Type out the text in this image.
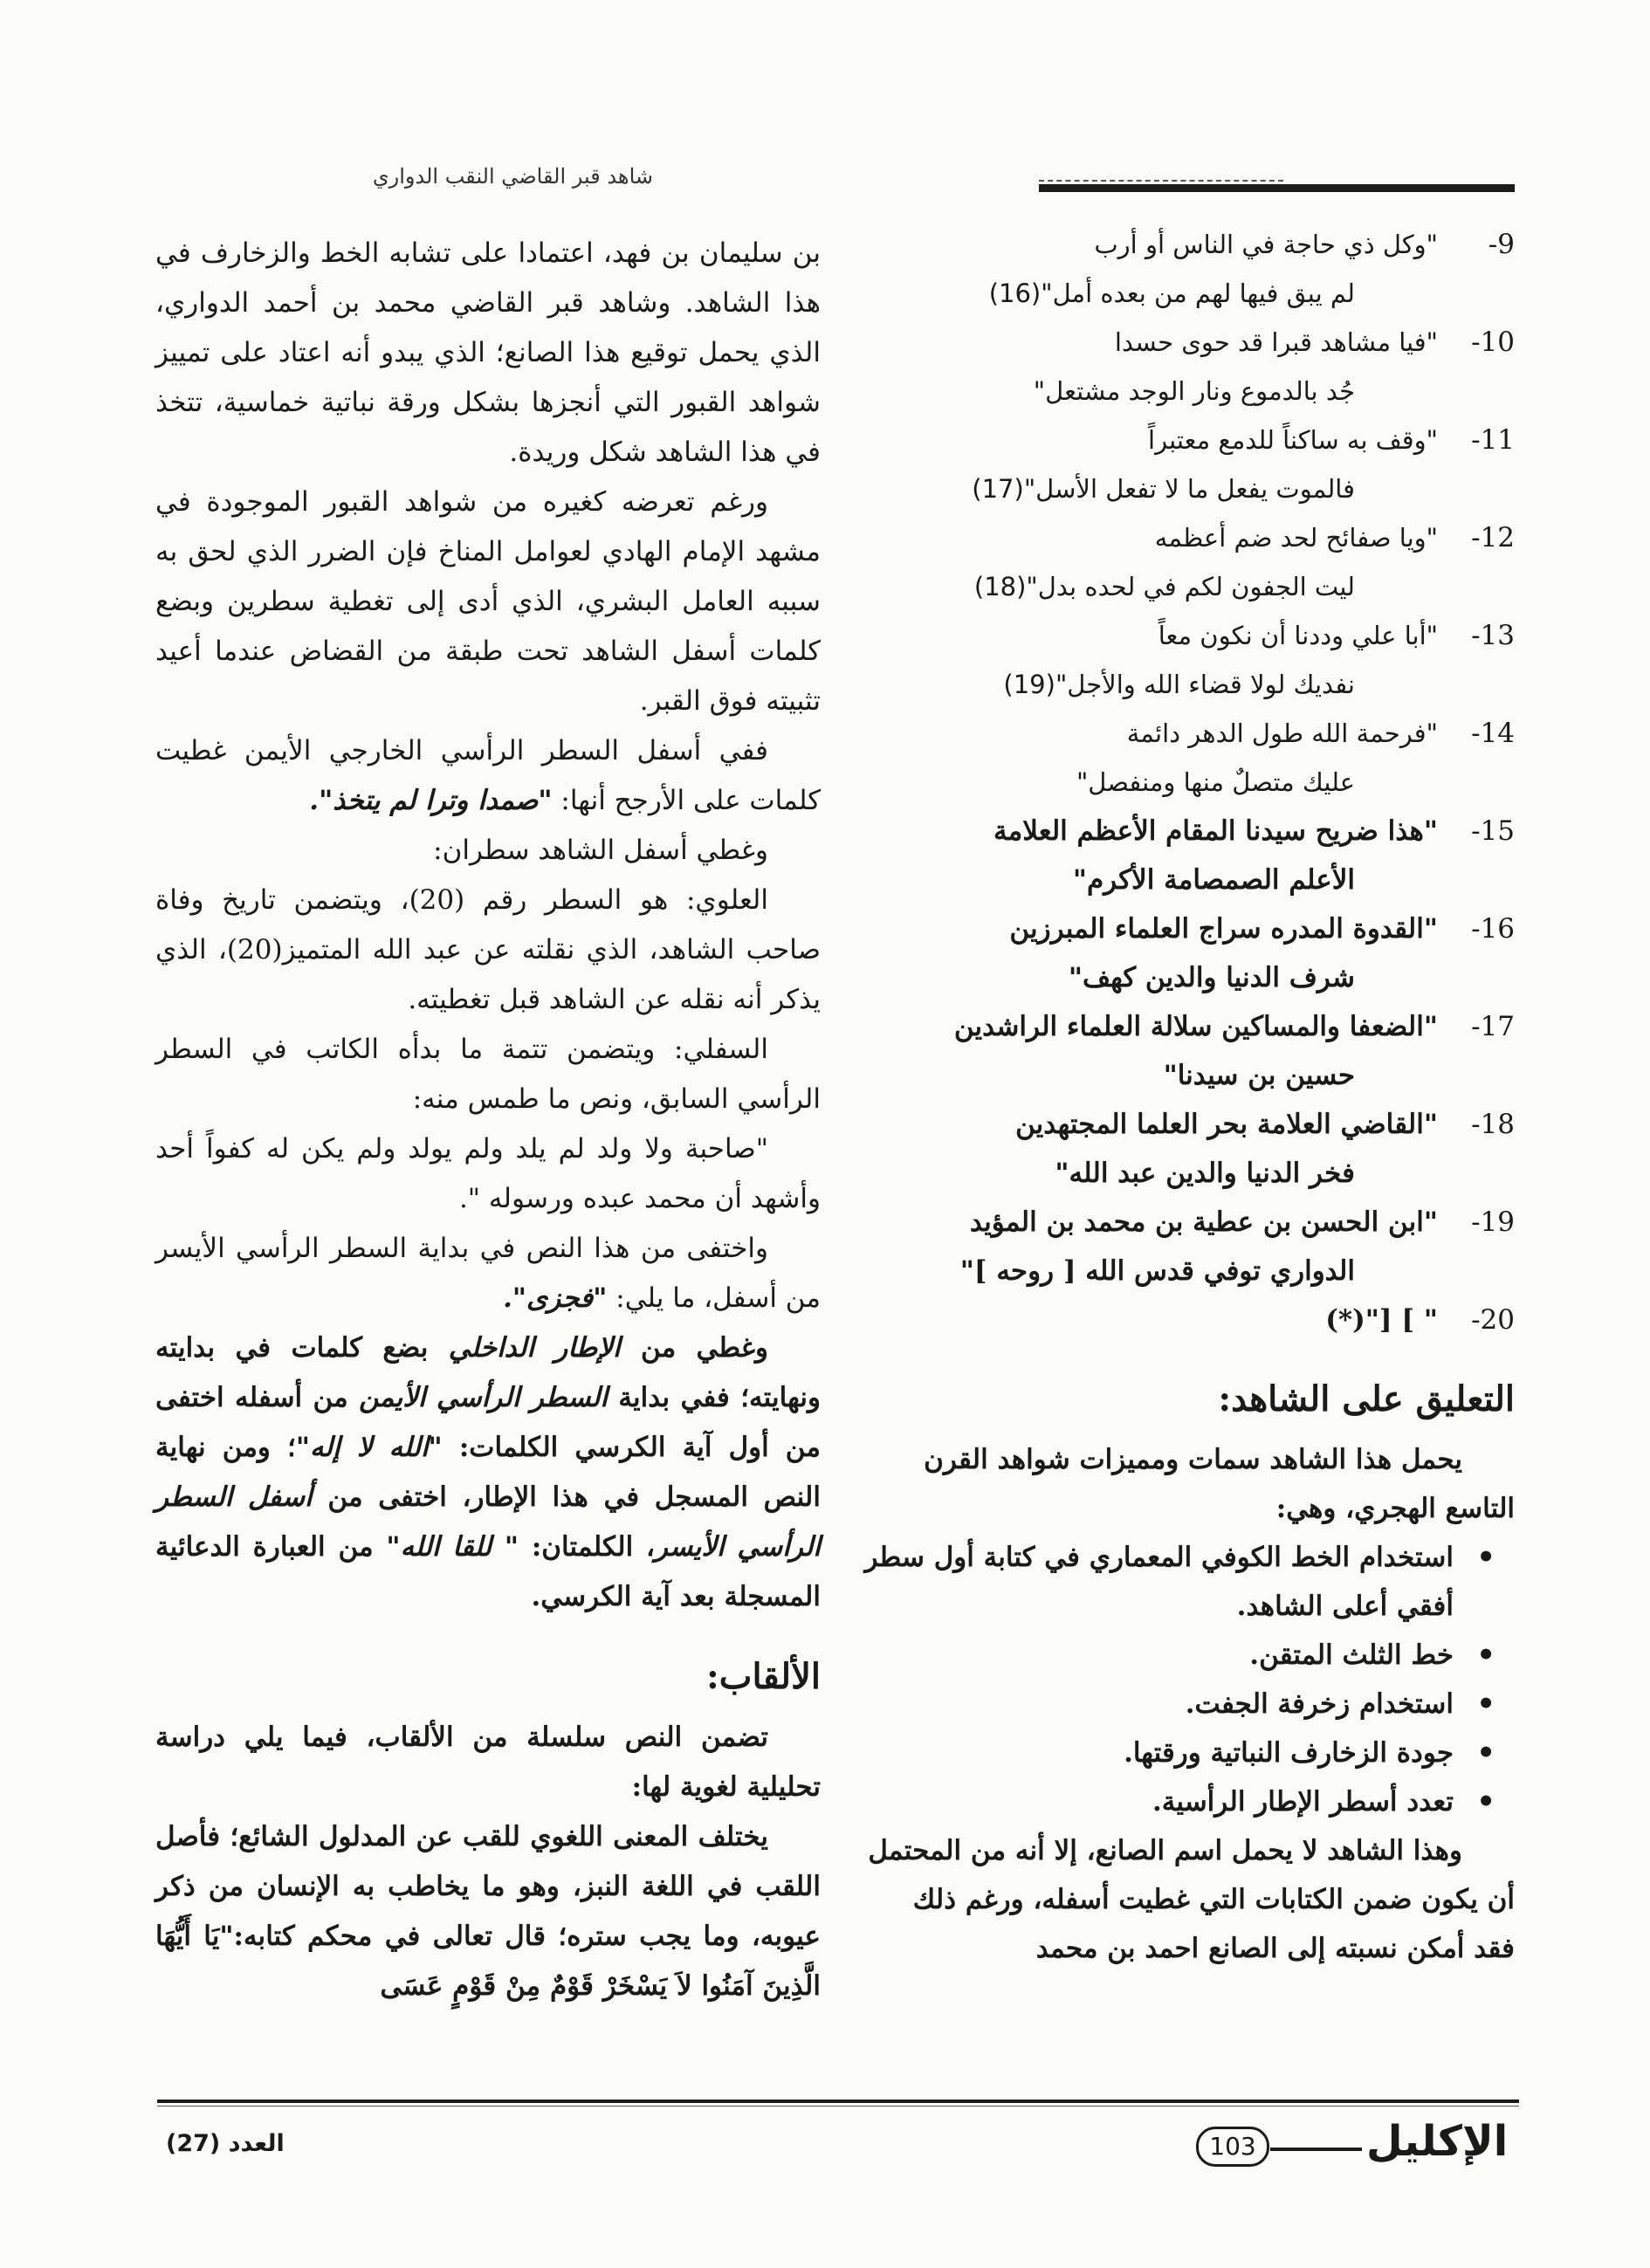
شاهد قبر القاضي النقب الدواري
9-
"وكل ذي حاجة في الناس أو أرب
لم يبق فيها لهم من بعده أمل"(16)
10-
"فيا مشاهد قبرا قد حوى حسدا
جُد بالدموع ونار الوجد مشتعل"
11-
"وقف به ساكناً للدمع معتبراً
فالموت يفعل ما لا تفعل الأسل"(17)
12-
"ويا صفائح لحد ضم أعظمه
ليت الجفون لكم في لحده بدل"(18)
13-
"أبا علي وددنا أن نكون معاً
نفديك لولا قضاء الله والأجل"(19)
14-
"فرحمة الله طول الدهر دائمة
عليك متصلٌ منها ومنفصل"
15-
"هذا ضريح سيدنا المقام الأعظم العلامة
الأعلم الصمصامة الأكرم"
16-
"القدوة المدره سراج العلماء المبرزين
شرف الدنيا والدين كهف"
17-
"الضعفا والمساكين سلالة العلماء الراشدين
حسين بن سيدنا"
18-
"القاضي العلامة بحر العلما المجتهدين
فخر الدنيا والدين عبد الله"
19-
"ابن الحسن بن عطية بن محمد بن المؤيد
الدواري توفي قدس الله [ روحه ]"
20-
" ] ["(*)
التعليق على الشاهد:

يحمل هذا الشاهد سمات ومميزات شواهد القرن التاسع الهجري، وهي:

• استخدام الخط الكوفي المعماري في كتابة أول سطر أفقي أعلى الشاهد.
• خط الثلث المتقن.
• استخدام زخرفة الجفت.
• جودة الزخارف النباتية ورقتها.
• تعدد أسطر الإطار الرأسية.

وهذا الشاهد لا يحمل اسم الصانع، إلا أنه من المحتمل أن يكون ضمن الكتابات التي غطيت أسفله، ورغم ذلك فقد أمكن نسبته إلى الصانع احمد بن محمد

بن سليمان بن فهد، اعتمادا على تشابه الخط والزخارف في هذا الشاهد. وشاهد قبر القاضي محمد بن أحمد الدواري، الذي يحمل توقيع هذا الصانع؛ الذي يبدو أنه اعتاد على تمييز شواهد القبور التي أنجزها بشكل ورقة نباتية خماسية، تتخذ في هذا الشاهد شكل وريدة.

ورغم تعرضه كغيره من شواهد القبور الموجودة في مشهد الإمام الهادي لعوامل المناخ فإن الضرر الذي لحق به سببه العامل البشري، الذي أدى إلى تغطية سطرين وبضع كلمات أسفل الشاهد تحت طبقة من القضاض عندما أعيد تثبيته فوق القبر.

ففي أسفل السطر الرأسي الخارجي الأيمن غطيت كلمات على الأرجح أنها: "صمدا وترا لم يتخذ".

وغطي أسفل الشاهد سطران:

العلوي: هو السطر رقم (20)، ويتضمن تاريخ وفاة صاحب الشاهد، الذي نقلته عن عبد الله المتميز(20)، الذي يذكر أنه نقله عن الشاهد قبل تغطيته.

السفلي: ويتضمن تتمة ما بدأه الكاتب في السطر الرأسي السابق، ونص ما طمس منه:

"صاحبة ولا ولد لم يلد ولم يولد ولم يكن له كفواً أحد وأشهد أن محمد عبده ورسوله ".

واختفى من هذا النص في بداية السطر الرأسي الأيسر من أسفل، ما يلي: "فجزى".

وغطي من الإطار الداخلي بضع كلمات في بدايته ونهايته؛ ففي بداية السطر الرأسي الأيمن من أسفله اختفى من أول آية الكرسي الكلمات: "الله لا إله"؛ ومن نهاية النص المسجل في هذا الإطار، اختفى من أسفل السطر الرأسي الأيسر، الكلمتان: " للقا الله" من العبارة الدعائية المسجلة بعد آية الكرسي.

الألقاب:

تضمن النص سلسلة من الألقاب، فيما يلي دراسة تحليلية لغوية لها:

يختلف المعنى اللغوي للقب عن المدلول الشائع؛ فأصل اللقب في اللغة النبز، وهو ما يخاطب به الإنسان من ذكر عيوبه، وما يجب ستره؛ قال تعالى في محكم كتابه:"يَا أَيُّهَا الَّذِينَ آمَنُوا لاَ يَسْخَرْ قَوْمٌ مِنْ قَوْمٍ عَسَى

الإكليل
103
العدد (27)
